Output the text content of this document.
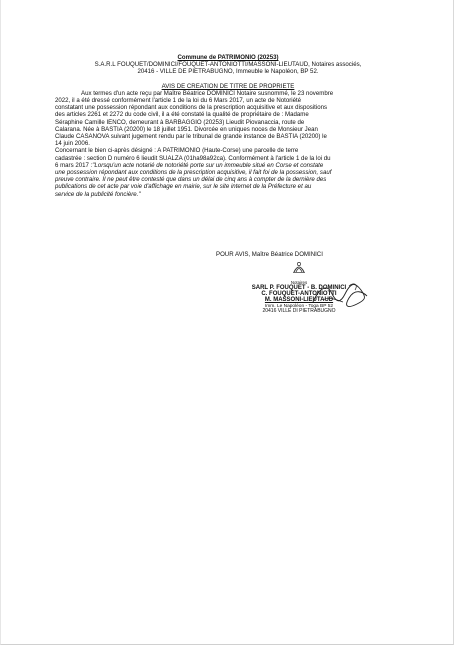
Commune de PATRIMONIO (20253)
S.A.R.L FOUQUET/DOMINICI/FOUQUET-ANTONIOTTI/MASSONI-LIEUTAUD, Notaires associés,
20416 - VILLE DE PIETRABUGNO, Immeuble le Napoléon, BP 52.
AVIS DE CREATION DE TITRE DE PROPRIETE
Aux termes d'un acte reçu par Maître Béatrice DOMINICI Notaire susnommé, le 23 novembre
2022, il a été dressé conformément l'article 1 de la loi du 6 Mars 2017, un acte de Notoriété
constatant une possession répondant aux conditions de la prescription acquisitive et aux dispositions
des articles 2261 et 2272 du code civil, il a été constaté la qualité de propriétaire de : Madame
Séraphine Camille IENCO, demeurant à BARBAGGIO (20253) Lieudit Piovanaccia, route de
Calarana. Née à BASTIA (20200) le 18 juillet 1951. Divorcée en uniques noces de Monsieur Jean
Claude CASANOVA suivant jugement rendu par le tribunal de grande instance de BASTIA (20200) le
14 juin 2006.
Concernant le bien ci-après désigné : A PATRIMONIO (Haute-Corse) une parcelle de terre
cadastrée : section D numéro 6 lieudit SUALZA (01ha98a92ca). Conformément à l'article 1 de la loi du
6 mars 2017 :"Lorsqu'un acte notarié de notoriété porte sur un immeuble situé en Corse et constate
une possession répondant aux conditions de la prescription acquisitive, il fait foi de la possession, sauf
preuve contraire. Il ne peut être contesté que dans un délai de cinq ans à compter de la dernière des
publications de cet acte par voie d'affichage en mairie, sur le site internet de la Préfecture et au
service de la publicité foncière."
POUR AVIS, Maître Béatrice DOMINICI
Notaires
SARL P. FOUQUET - B. DOMINICI
C. FOUQUET-ANTONIOTTI
M. MASSONI-LIEUTAUD
Imm. Le Napoléon - Toga BP 52
20416 VILLE DI PIETRABUGNO
